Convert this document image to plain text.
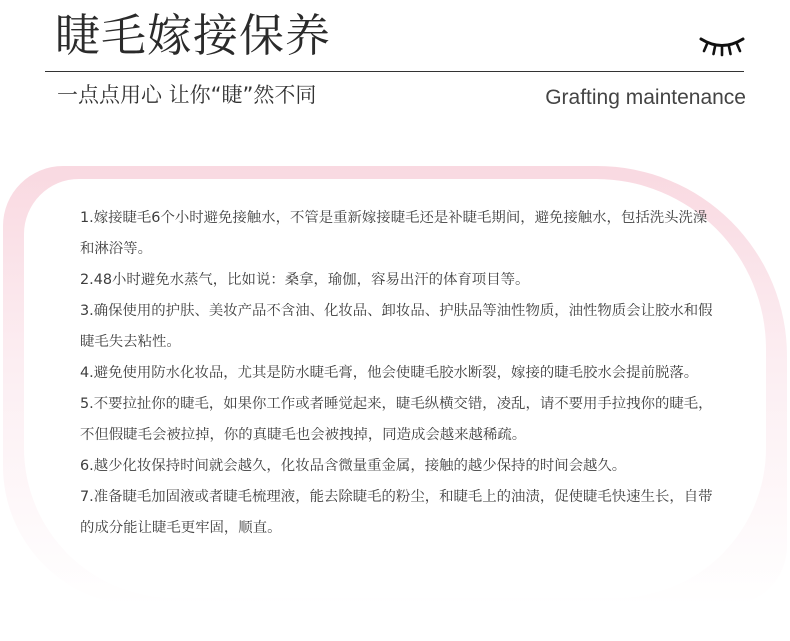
睫毛嫁接保养
一点点用心 让你“睫”然不同	Grafting maintenance

1.嫁接睫毛6个小时避免接触水，不管是重新嫁接睫毛还是补睫毛期间，避免接触水，包括洗头洗澡和淋浴等。

2.48小时避免水蒸气，比如说：桑拿，瑜伽，容易出汗的体育项目等。

3.确保使用的护肤、美妆产品不含油、化妆品、卸妆品、护肤品等油性物质，油性物质会让胶水和假睫毛失去粘性。

4.避免使用防水化妆品，尤其是防水睫毛膏，他会使睫毛胶水断裂，嫁接的睫毛胶水会提前脱落。

5.不要拉扯你的睫毛，如果你工作或者睡觉起来，睫毛纵横交错，凌乱，请不要用手拉拽你的睫毛，不但假睫毛会被拉掉，你的真睫毛也会被拽掉，同造成会越来越稀疏。

6.越少化妆保持时间就会越久，化妆品含微量重金属，接触的越少保持的时间会越久。

7.准备睫毛加固液或者睫毛梳理液，能去除睫毛的粉尘，和睫毛上的油渍，促使睫毛快速生长，自带的成分能让睫毛更牢固，顺直。
